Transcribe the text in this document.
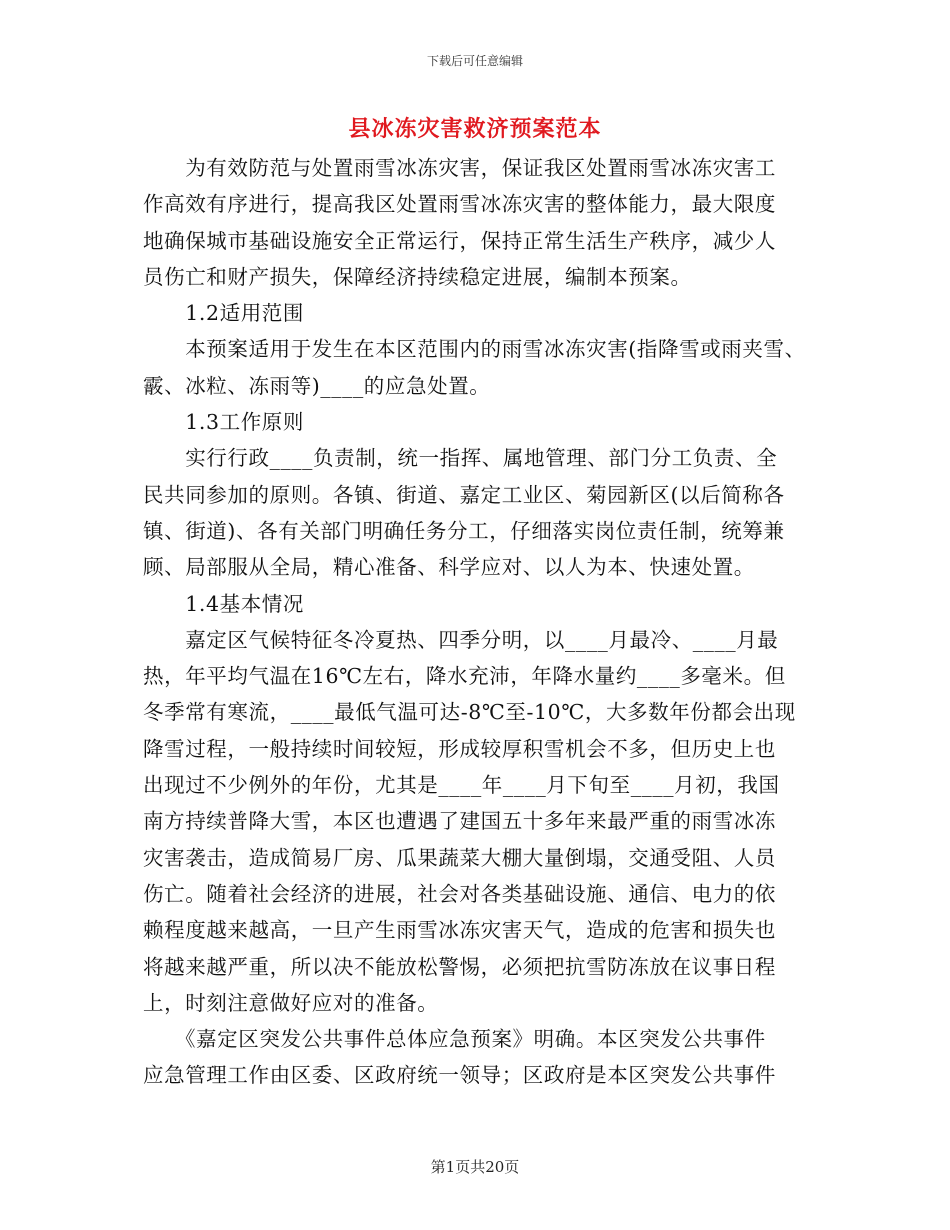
下载后可任意编辑
县冰冻灾害救济预案范本
　　为有效防范与处置雨雪冰冻灾害，保证我区处置雨雪冰冻灾害工
作高效有序进行，提高我区处置雨雪冰冻灾害的整体能力，最大限度
地确保城市基础设施安全正常运行，保持正常生活生产秩序，减少人
员伤亡和财产损失，保障经济持续稳定进展，编制本预案。
　　1.2适用范围
　　本预案适用于发生在本区范围内的雨雪冰冻灾害(指降雪或雨夹雪、
霰、冰粒、冻雨等)____的应急处置。
　　1.3工作原则
　　实行行政____负责制，统一指挥、属地管理、部门分工负责、全
民共同参加的原则。各镇、街道、嘉定工业区、菊园新区(以后简称各
镇、街道)、各有关部门明确任务分工，仔细落实岗位责任制，统筹兼
顾、局部服从全局，精心准备、科学应对、以人为本、快速处置。
　　1.4基本情况
　　嘉定区气候特征冬冷夏热、四季分明，以____月最冷、____月最
热，年平均气温在16℃左右，降水充沛，年降水量约____多毫米。但
冬季常有寒流，____最低气温可达-8℃至-10℃，大多数年份都会出现
降雪过程，一般持续时间较短，形成较厚积雪机会不多，但历史上也
出现过不少例外的年份，尤其是____年____月下旬至____月初，我国
南方持续普降大雪，本区也遭遇了建国五十多年来最严重的雨雪冰冻
灾害袭击，造成简易厂房、瓜果蔬菜大棚大量倒塌，交通受阻、人员
伤亡。随着社会经济的进展，社会对各类基础设施、通信、电力的依
赖程度越来越高，一旦产生雨雪冰冻灾害天气，造成的危害和损失也
将越来越严重，所以决不能放松警惕，必须把抗雪防冻放在议事日程
上，时刻注意做好应对的准备。
　　《嘉定区突发公共事件总体应急预案》明确。本区突发公共事件
应急管理工作由区委、区政府统一领导；区政府是本区突发公共事件
第1页共20页
